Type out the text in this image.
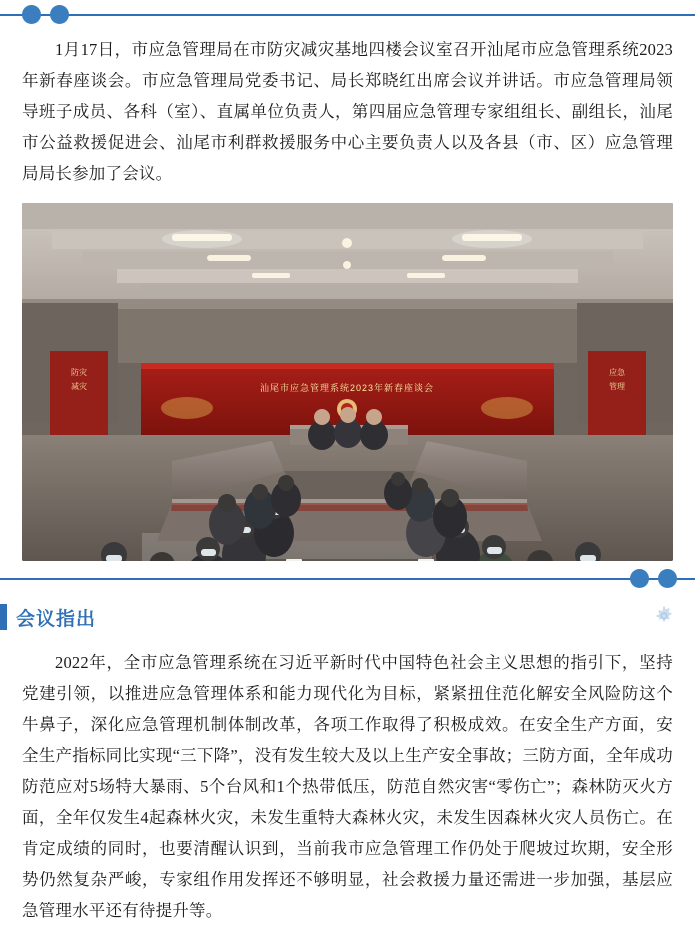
1月17日，市应急管理局在市防灾减灾基地四楼会议室召开汕尾市应急管理系统2023年新春座谈会。市应急管理局党委书记、局长郑晓红出席会议并讲话。市应急管理局领导班子成员、各科（室）、直属单位负责人，第四届应急管理专家组组长、副组长，汕尾市公益救援促进会、汕尾市利群救援服务中心主要负责人以及各县（市、区）应急管理局局长参加了会议。

汕尾市应急管理系统2023年新春座谈会
防灾
减灾
应急
管理
会议指出

2022年，全市应急管理系统在习近平新时代中国特色社会主义思想的指引下，坚持党建引领，以推进应急管理体系和能力现代化为目标，紧紧扭住范化解安全风险防这个牛鼻子，深化应急管理机制体制改革，各项工作取得了积极成效。在安全生产方面，安全生产指标同比实现“三下降”，没有发生较大及以上生产安全事故；三防方面，全年成功防范应对5场特大暴雨、5个台风和1个热带低压，防范自然灾害“零伤亡”；森林防灭火方面，全年仅发生4起森林火灾，未发生重特大森林火灾，未发生因森林火灾人员伤亡。在肯定成绩的同时，也要清醒认识到，当前我市应急管理工作仍处于爬坡过坎期，安全形势仍然复杂严峻，专家组作用发挥还不够明显，社会救援力量还需进一步加强，基层应急管理水平还有待提升等。
